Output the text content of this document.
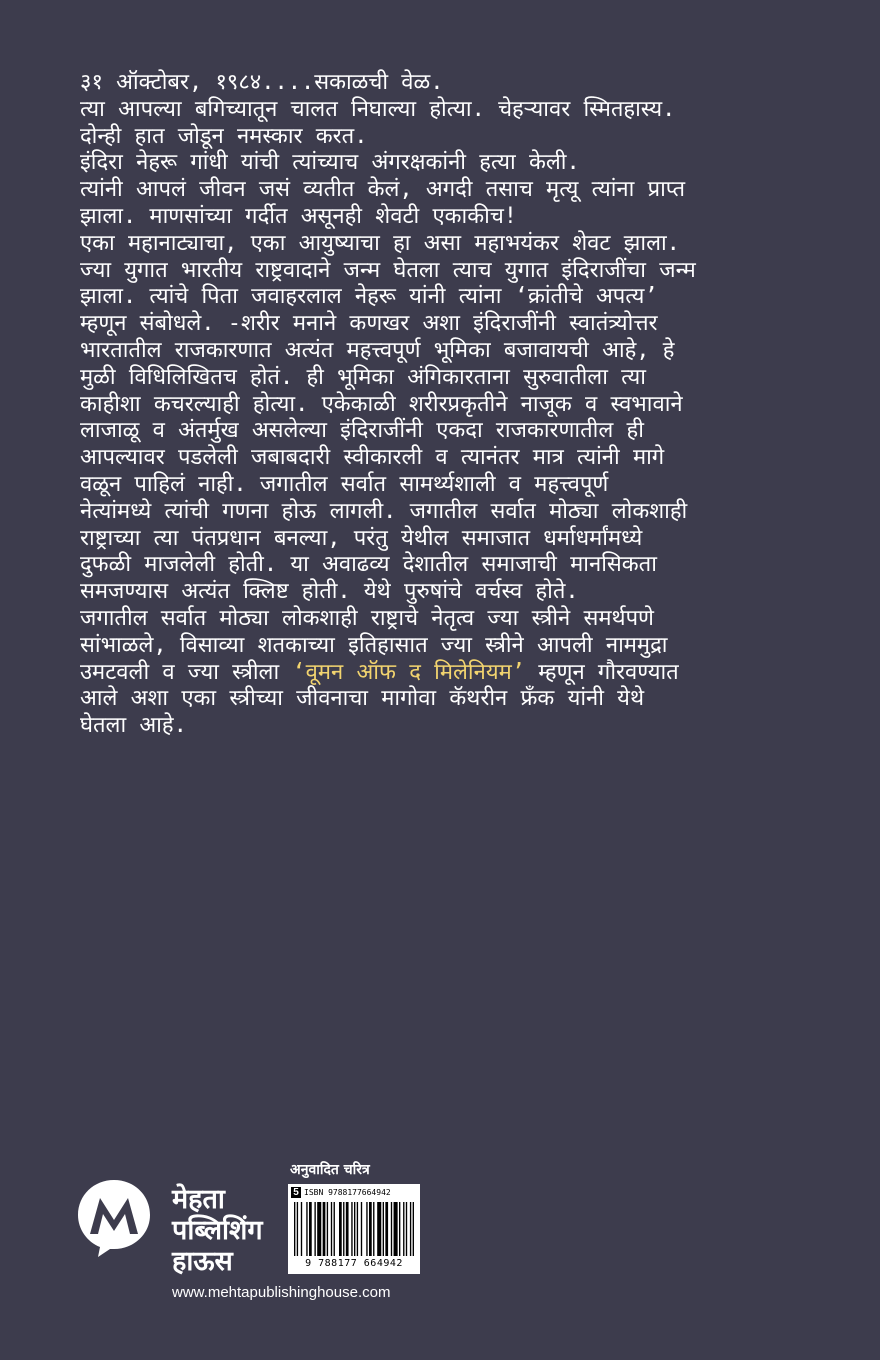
३१ ऑक्टोबर, १९८४....सकाळची वेळ.

त्या आपल्या बगिच्यातून चालत निघाल्या होत्या. चेहऱ्यावर स्मितहास्य.

दोन्ही हात जोडून नमस्कार करत.

इंदिरा नेहरू गांधी यांची त्यांच्याच अंगरक्षकांनी हत्या केली.

त्यांनी आपलं जीवन जसं व्यतीत केलं, अगदी तसाच मृत्यू त्यांना प्राप्त

झाला. माणसांच्या गर्दीत असूनही शेवटी एकाकीच!

एका महानाट्याचा, एका आयुष्याचा हा असा महाभयंकर शेवट झाला.

ज्या युगात भारतीय राष्ट्रवादाने जन्म घेतला त्याच युगात इंदिराजींचा जन्म

झाला. त्यांचे पिता जवाहरलाल नेहरू यांनी त्यांना ‘क्रांतीचे अपत्य’

म्हणून संबोधले. -शरीर मनाने कणखर अशा इंदिराजींनी स्वातंत्र्योत्तर

भारतातील राजकारणात अत्यंत महत्त्वपूर्ण भूमिका बजावायची आहे, हे

मुळी विधिलिखितच होतं. ही भूमिका अंगिकारताना सुरुवातीला त्या

काहीशा कचरल्याही होत्या. एकेकाळी शरीरप्रकृतीने नाजूक व स्वभावाने

लाजाळू व अंतर्मुख असलेल्या इंदिराजींनी एकदा राजकारणातील ही

आपल्यावर पडलेली जबाबदारी स्वीकारली व त्यानंतर मात्र त्यांनी मागे

वळून पाहिलं नाही. जगातील सर्वात सामर्थ्यशाली व महत्त्वपूर्ण

नेत्यांमध्ये त्यांची गणना होऊ लागली. जगातील सर्वात मोठ्या लोकशाही

राष्ट्राच्या त्या पंतप्रधान बनल्या, परंतु येथील समाजात धर्माधर्मांमध्ये

दुफळी माजलेली होती. या अवाढव्य देशातील समाजाची मानसिकता

समजण्यास अत्यंत क्लिष्ट होती. येथे पुरुषांचे वर्चस्व होते.

जगातील सर्वात मोठ्या लोकशाही राष्ट्राचे नेतृत्व ज्या स्त्रीने समर्थपणे

सांभाळले, विसाव्या शतकाच्या इतिहासात ज्या स्त्रीने आपली नाममुद्रा

उमटवली व ज्या स्त्रीला ‘वूमन ऑफ द मिलेनियम’ म्हणून गौरवण्यात

आले अशा एका स्त्रीच्या जीवनाचा मागोवा कॅथरीन फ्रँक यांनी येथे

घेतला आहे.

मेहता
पब्लिशिंग
हाऊस
www.mehtapublishinghouse.com
अनुवादित चरित्र
5 ISBN 9788177664942
9 788177 664942
